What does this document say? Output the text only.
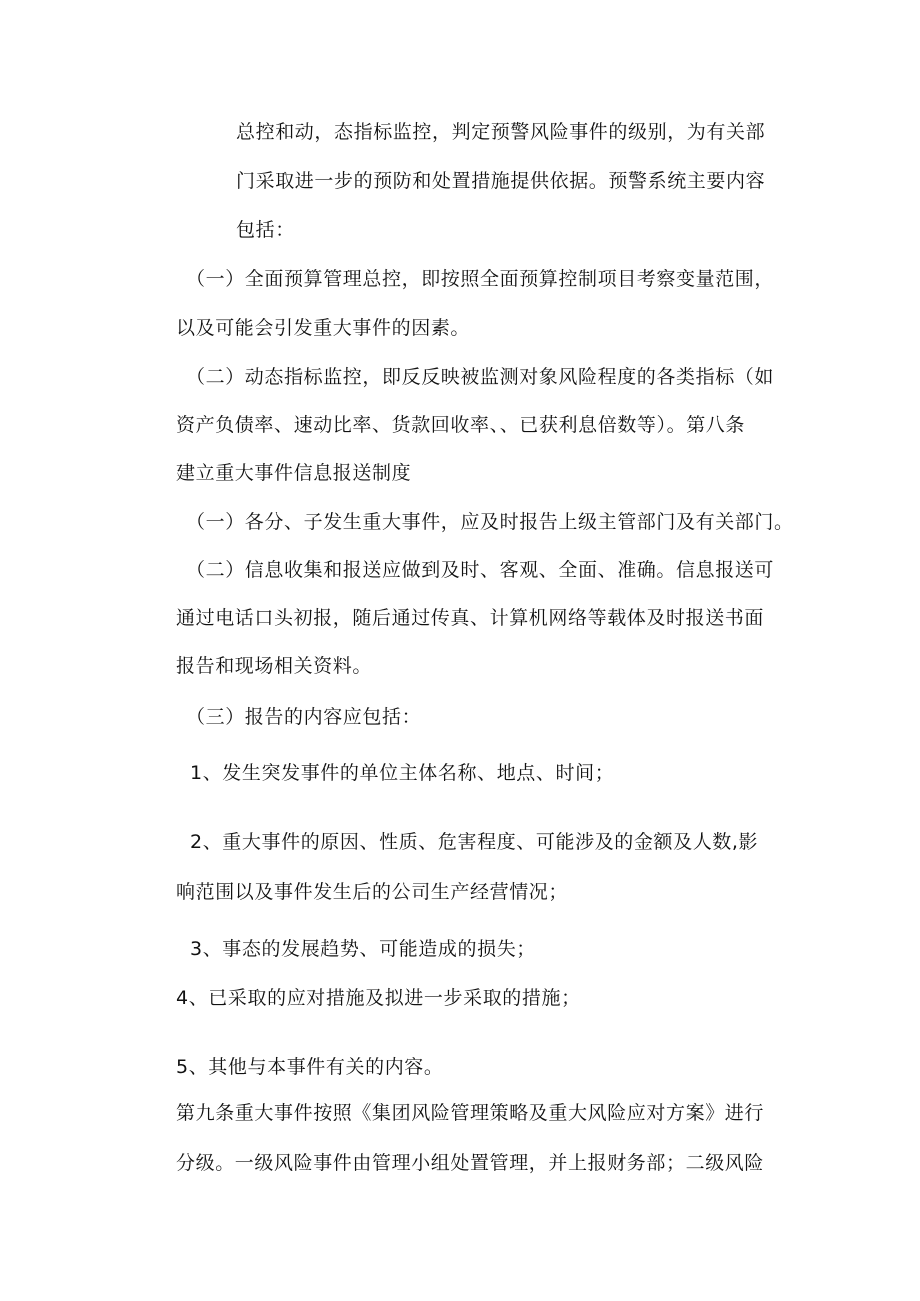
总控和动，态指标监控，判定预警风险事件的级别，为有关部
门采取进一步的预防和处置措施提供依据。预警系统主要内容
包括：
（一）全面预算管理总控，即按照全面预算控制项目考察变量范围，
以及可能会引发重大事件的因素。
（二）动态指标监控，即反反映被监测对象风险程度的各类指标（如
资产负债率、速动比率、货款回收率、、已获利息倍数等）。第八条
建立重大事件信息报送制度
（一）各分、子发生重大事件，应及时报告上级主管部门及有关部门。
（二）信息收集和报送应做到及时、客观、全面、准确。信息报送可
通过电话口头初报，随后通过传真、计算机网络等载体及时报送书面
报告和现场相关资料。
（三）报告的内容应包括：
1、发生突发事件的单位主体名称、地点、时间；
2、重大事件的原因、性质、危害程度、可能涉及的金额及人数,影
响范围以及事件发生后的公司生产经营情况；
3、事态的发展趋势、可能造成的损失；
4、已采取的应对措施及拟进一步采取的措施；
5、其他与本事件有关的内容。
第九条重大事件按照《集团风险管理策略及重大风险应对方案》进行
分级。一级风险事件由管理小组处置管理，并上报财务部；二级风险
